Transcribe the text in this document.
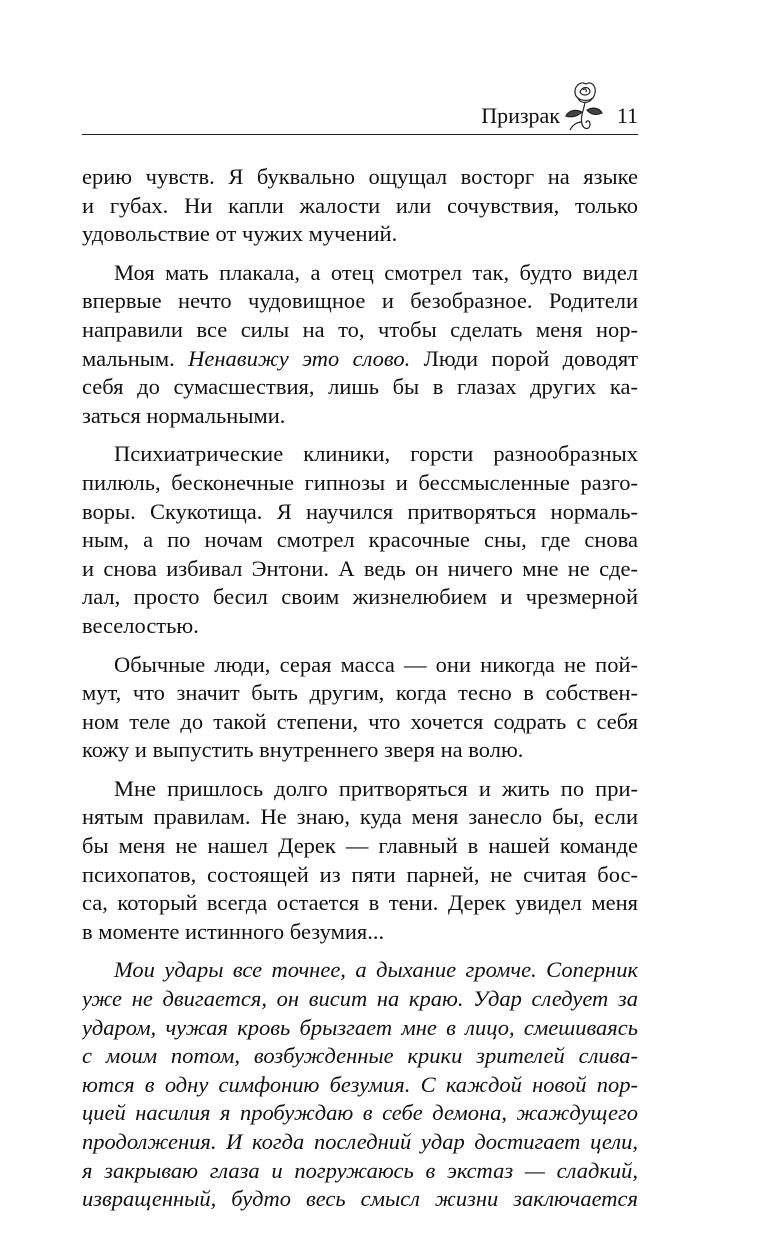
Призрак	11
ерию чувств. Я буквально ощущал восторг на языке
и губах. Ни капли жалости или сочувствия, только
удовольствие от чужих мучений.
Моя мать плакала, а отец смотрел так, будто видел
впервые нечто чудовищное и безобразное. Родители
направили все силы на то, чтобы сделать меня нор-
мальным. Ненавижу это слово. Люди порой доводят
себя до сумасшествия, лишь бы в глазах других ка-
заться нормальными.
Психиатрические клиники, горсти разнообразных
пилюль, бесконечные гипнозы и бессмысленные разго-
воры. Скукотища. Я научился притворяться нормаль-
ным, а по ночам смотрел красочные сны, где снова
и снова избивал Энтони. А ведь он ничего мне не сде-
лал, просто бесил своим жизнелюбием и чрезмерной
веселостью.
Обычные люди, серая масса — они никогда не пой-
мут, что значит быть другим, когда тесно в собствен-
ном теле до такой степени, что хочется содрать с себя
кожу и выпустить внутреннего зверя на волю.
Мне пришлось долго притворяться и жить по при-
нятым правилам. Не знаю, куда меня занесло бы, если
бы меня не нашел Дерек — главный в нашей команде
психопатов, состоящей из пяти парней, не считая бос-
са, который всегда остается в тени. Дерек увидел меня
в моменте истинного безумия...
Мои удары все точнее, а дыхание громче. Соперник
уже не двигается, он висит на краю. Удар следует за
ударом, чужая кровь брызгает мне в лицо, смешиваясь
с моим потом, возбужденные крики зрителей слива-
ются в одну симфонию безумия. С каждой новой пор-
цией насилия я пробуждаю в себе демона, жаждущего
продолжения. И когда последний удар достигает цели,
я закрываю глаза и погружаюсь в экстаз — сладкий,
извращенный, будто весь смысл жизни заключается
